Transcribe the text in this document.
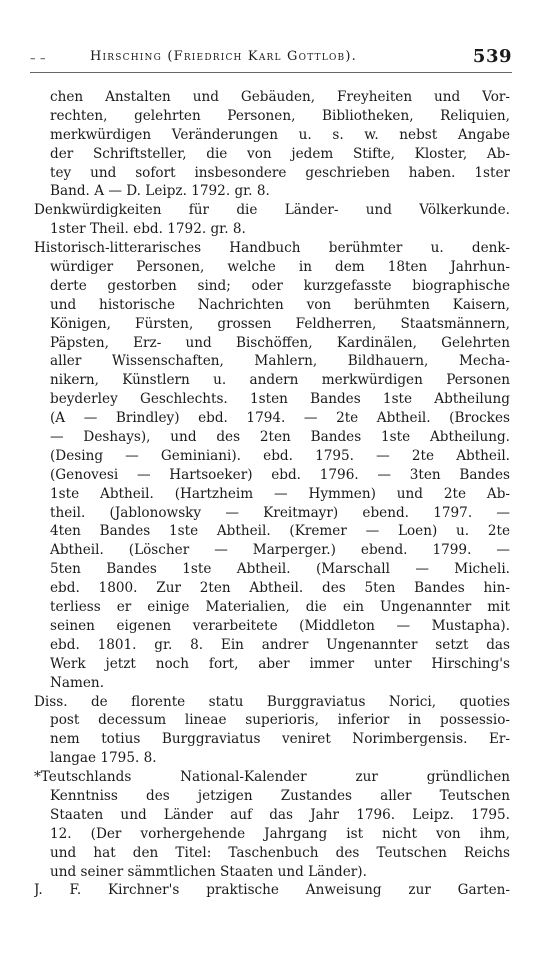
– –	Hirsching (Friedrich Karl Gottlob).	539
chen Anstalten und Gebäuden, Freyheiten und Vor-
rechten, gelehrten Personen, Bibliotheken, Reliquien,
merkwürdigen Veränderungen u. s. w. nebst Angabe
der Schriftsteller, die von jedem Stifte, Kloster, Ab-
tey und sofort insbesondere geschrieben haben. 1ster
Band. A — D. Leipz. 1792. gr. 8.
Denkwürdigkeiten für die Länder- und Völkerkunde.
1ster Theil. ebd. 1792. gr. 8.
Historisch-litterarisches Handbuch berühmter u. denk-
würdiger Personen, welche in dem 18ten Jahrhun-
derte gestorben sind; oder kurzgefasste biographische
und historische Nachrichten von berühmten Kaisern,
Königen, Fürsten, grossen Feldherren, Staatsmännern,
Päpsten, Erz- und Bischöffen, Kardinälen, Gelehrten
aller Wissenschaften, Mahlern, Bildhauern, Mecha-
nikern, Künstlern u. andern merkwürdigen Personen
beyderley Geschlechts. 1sten Bandes 1ste Abtheilung
(A — Brindley) ebd. 1794. — 2te Abtheil. (Brockes
— Deshays), und des 2ten Bandes 1ste Abtheilung.
(Desing — Geminiani). ebd. 1795. — 2te Abtheil.
(Genovesi — Hartsoeker) ebd. 1796. — 3ten Bandes
1ste Abtheil. (Hartzheim — Hymmen) und 2te Ab-
theil. (Jablonowsky — Kreitmayr) ebend. 1797. —
4ten Bandes 1ste Abtheil. (Kremer — Loen) u. 2te
Abtheil. (Löscher — Marperger.) ebend. 1799. —
5ten Bandes 1ste Abtheil. (Marschall — Micheli.
ebd. 1800. Zur 2ten Abtheil. des 5ten Bandes hin-
terliess er einige Materialien, die ein Ungenannter mit
seinen eigenen verarbeitete (Middleton — Mustapha).
ebd. 1801. gr. 8. Ein andrer Ungenannter setzt das
Werk jetzt noch fort, aber immer unter Hirsching's
Namen.
Diss. de florente statu Burggraviatus Norici, quoties
post decessum lineae superioris, inferior in possessio-
nem totius Burggraviatus veniret Norimbergensis. Er-
langae 1795. 8.
*Teutschlands National-Kalender zur gründlichen
Kenntniss des jetzigen Zustandes aller Teutschen
Staaten und Länder auf das Jahr 1796. Leipz. 1795.
12. (Der vorhergehende Jahrgang ist nicht von ihm,
und hat den Titel: Taschenbuch des Teutschen Reichs
und seiner sämmtlichen Staaten und Länder).
J. F. Kirchner's praktische Anweisung zur Garten-
